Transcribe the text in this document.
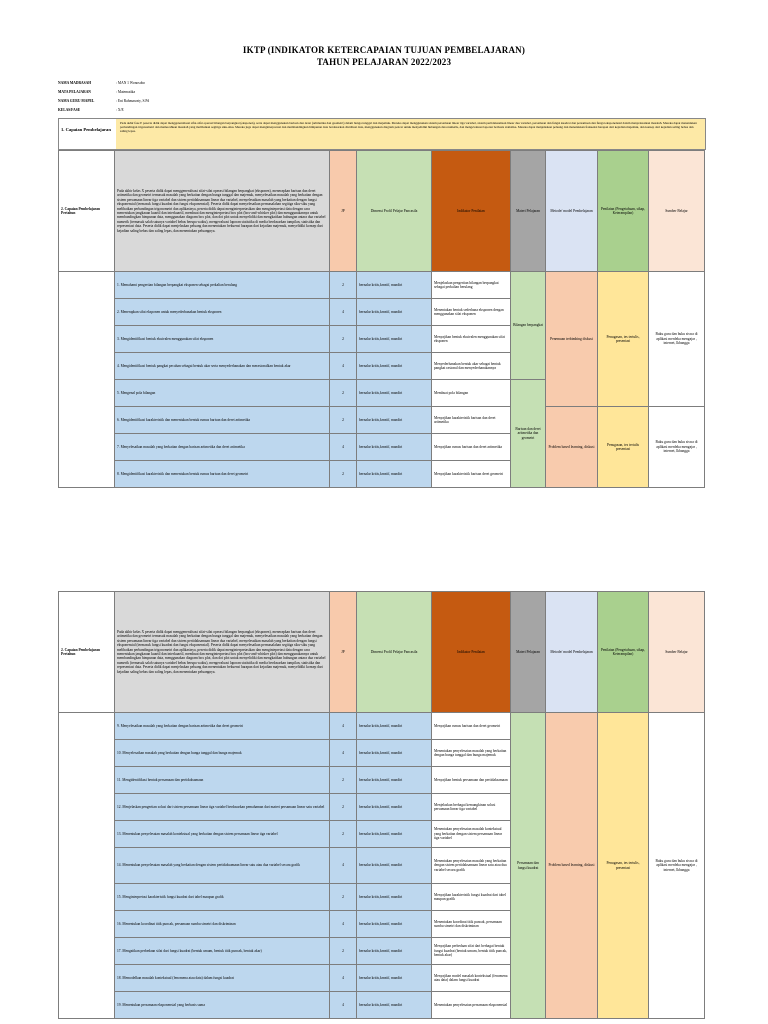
IKTP (INDIKATOR KETERCAPAIAN TUJUAN PEMBELAJARAN)
TAHUN PELAJARAN 2022/2023
NAMA MADRASAH	: MAN 1 Wonosobo
MATA PELAJARAN	: Matematika
NAMA GURU MAPEL	: Eni Rahmawaty, S.Pd
KELAS/FASE	: X/E
1. Capaian Pembelajaran
Pada akhir fase E peserta didik dapat menggeneralisasi sifat-sifat operasi bilangan berpangkat (eksponen), serta dapat menggunakan barisan dan deret (aritmetika dan geometri) dalam bunga tunggal dan majemuk. Mereka dapat menggunakan sistem persamaan linear tiga variabel, sistem pertidaksamaan linear dua variabel, persamaan dan fungsi kuadrat dan persamaan dan fungsi eksponensial dalam menyelesaikan masalah. Mereka dapat menentukan perbandingan trigonometri dan memecahkan masalah yang melibatkan segitiga siku-siku. Mereka juga dapat menginterpretasi dan membandingkan himpunan data berdasarkan distribusi data, menggunakan diagram pencar untuk menyelidiki hubungan data numerik, dan mengevaluasi laporan berbasis statistika. Mereka dapat menjelaskan peluang dan menentukan frekuensi harapan dari kejadian majemuk, dan konsep dari kejadian saling bebas dan saling lepas.
2. Capaian Pembelajaran Pertahun	Pada akhir kelas X peserta didik dapat menggeneralisasi sifat-sifat operasi bilangan berpangkat (eksponen), menerapkan barisan dan deret aritmetika dan geometri termasuk masalah yang berkaitan dengan bunga tunggal dan majemuk, menyelesaikan masalah yang berkaitan dengan sistem persamaan linear tiga variabel dan sistem pertidaksamaan linear dua variabel, menyelesaikan masalah yang berkaitan dengan fungsi eksponensial (termasuk fungsi kuadrat dan fungsi eksponensial). Peserta didik dapat menyelesaikan permasalahan segitiga siku-siku yang melibatkan perbandingan trigonometri dan aplikasinya, peserta didik dapat menginterpretasikan dan mengintepretasi data dengan cara menentukan jangkauan kuartil dan interkuartil, membuat dan menginterpretasi box plot (box-and-whisker plot) dan menggunakannya untuk membandingkan himpunan data, menggunakan diagram box plot, dan dot plot untuk menyelidiki dan mengkaitkan hubungan antara dua variabel numerik (termasuk salah satunya variabel bebas berupa waktu), mengevaluasi laporan statistika di media berdasarkan tampilan, statistika dan representasi data. Peserta didik dapat menjelaskan peluang dan menentukan frekuensi harapan dari kejadian majemuk, menyelidiki konsep dari kejadian saling bebas dan saling lepas, dan menentukan peluangnya.	JP	Dimensi Profil Pelajar Pancasila	Indikator Penilaian	Materi Pelajaran	Metode/ model Pembelajaran	Penilaian (Pengetahuan, sikap, Keterampilan)	Sumber Belajar
	1. Memahami pengertian bilangan berpangkat eksponen sebagai perkalian berulang	2	bernalar kritis,kreatif, mandiri	Menjelaskan pengertian bilangan berpangkat sebagai perkalian berulang	Bilangan berpangkat	Penemuan terbimbing diskusi	Penugasan, tes tertulis, presentasi	Buku guru dan buku siswa di aplikasi merdeka mengajar , internet, lkbangga
	2. Menerapkan sifat eksponen untuk menyederhanakan bentuk eksponen	4	bernalar kritis,kreatif, mandiri	Menentukan bentuk sederhana eksponen dengan menggunakan sifat eksponen				
	3. Mengidentifikasi bentuk ekuivalen menggunakan sifat eksponen	2	bernalar kritis,kreatif, mandiri	Menyajikan bentuk ekuivalen menggunakan sifat eksponen				
	4. Mengidentifikasi bentuk pangkat pecahan sebagai bentuk akar serta menyederhanakan dan merasionalkan bentuk akar	4	bernalar kritis,kreatif, mandiri	Menyederhanakan bentuk akar sebagai bentuk pangkat rasional dan menyederhanakannya				
	5. Mengenal pola bilangan	2	bernalar kritis,kreatif, mandiri	Membuat pola bilangan	Barisan dan deret aritmetika dan geometri			
	6. Mengidentifikasi karakteristik dan menentukan bentuk rumus barisan dan deret aritmetika	2	bernalar kritis,kreatif, mandiri	Menyajikan karakteristik barisan dan deret aritmetika		Problem based learning, diskusi	Penugasan, tes tertulis presentasi	Buku guru dan buku siswa di aplikasi merdeka mengajar , internet, lkbangga
	7. Menyelesaikan masalah yang berkaitan dengan barisan aritmetika dan deret aritmetika	4	bernalar kritis,kreatif, mandiri	Menyajikan rumus barisan dan deret aritmetika				
	8. Mengidentifikasi karakteristik dan menentukan bentuk rumus barisan dan deret geometri	2	bernalar kritis,kreatif, mandiri	Menyajikan karakteristik barisan deret geometri				
2. Capaian Pembelajaran Pertahun	Pada akhir kelas X peserta didik dapat menggeneralisasi sifat-sifat operasi bilangan berpangkat (eksponen), menerapkan barisan dan deret aritmetika dan geometri termasuk masalah yang berkaitan dengan bunga tunggal dan majemuk, menyelesaikan masalah yang berkaitan dengan sistem persamaan linear tiga variabel dan sistem pertidaksamaan linear dua variabel, menyelesaikan masalah yang berkaitan dengan fungsi eksponensial (termasuk fungsi kuadrat dan fungsi eksponensial). Peserta didik dapat menyelesaikan permasalahan segitiga siku-siku yang melibatkan perbandingan trigonometri dan aplikasinya, peserta didik dapat menginterpretasikan dan mengintepretasi data dengan cara menentukan jangkauan kuartil dan interkuartil, membuat dan menginterpretasi box plot (box-and-whisker plot) dan menggunakannya untuk membandingkan himpunan data, menggunakan diagram box plot, dan dot plot untuk menyelidiki dan mengkaitkan hubungan antara dua variabel numerik (termasuk salah satunya variabel bebas berupa waktu), mengevaluasi laporan statistika di media berdasarkan tampilan, statistika dan representasi data. Peserta didik dapat menjelaskan peluang dan menentukan frekuensi harapan dari kejadian majemuk, menyelidiki konsep dari kejadian saling bebas dan saling lepas, dan menentukan peluangnya.	JP	Dimensi Profil Pelajar Pancasila	Indikator Penilaian	Materi Pelajaran	Metode/ model Pembelajaran	Penilaian (Pengetahuan, sikap, Keterampilan)	Sumber Belajar
	9. Menyelesaikan masalah yang berkaitan dengan barisan aritmetika dan deret geometri	4	bernalar kritis,kreatif, mandiri	Menyajikan rumus barisan dan deret geometri	Persamaan dan fungsi kuadrat	Problem based learning, diskusi	Penugasan, tes tertulis, presentasi	Buku guru dan buku siswa di aplikasi merdeka mengajar , internet, lkbangga
	10. Menyelesaikan masalah yang berkaitan dengan bunga tunggal dan bunga majemuk	4	bernalar kritis,kreatif, mandiri	Menentukan penyelesaian masalah yang berkaitan dengan bunga tunggal dan bunga majemuk				
	11. Mengidentifikasi bentuk persamaan dan pertidaksamaan	2	bernalar kritis,kreatif, mandiri	Menyajikan bentuk persamaan dan pertidaksamaan				
	12. Menjelaskan pengertian solusi dari sistem persamaan linear tiga variabel berdasarkan pemahaman dari materi persamaan linear satu variabel	2	bernalar kritis,kreatif, mandiri	Menjelaskan berbagai kemungkinan solusi persamaan linear tiga variabel				
	13. Menentukan penyelesaian masalah kontekstual yang berkaitan dengan sistem persamaan linear tiga variabel	2	bernalar kritis,kreatif, mandiri	Menentukan penyelesaian masalah kontekstual yang berkaitan dengan sistem persamaan linear tiga variabel				
	14. Menentukan penyelesaian masalah yang berkaitan dengan sistem pertidaksamaan linear satu atau dua variabel secara grafik	4	bernalar kritis,kreatif, mandiri	Menentukan penyelesaian masalah yang berkaitan dengan sistem pertidaksamaan linear satu atau dua variabel secara grafik				
	15. Menginterpretasi karakteristik fungsi kuadrat dari tabel maupun grafik	2	bernalar kritis,kreatif, mandiri	Menyajikan karakteristik fungsi kuadrat dari tabel maupun grafik				
	16. Menentukan koordinat titik puncak, persamaan sumbu simetri dan diskriminan	4	bernalar kritis,kreatif, mandiri	Menentukan koordinat titik puncak, persamaan sumbu simetri dan diskriminan				
	17. Mengaitkan perbedaan sifat dari fungsi kuadrat (bentuk umum, bentuk titik puncak, bentuk akar)	2	bernalar kritis,kreatif, mandiri	Menyajikan perbedaan sifat dari berbagai bentuk fungsi kuadrat (bentuk umum, bentuk titik puncak, bentuk akar)				
	18. Memodelkan masalah kontekstual (fenomena atau data) dalam fungsi kuadrat	4	bernalar kritis,kreatif, mandiri	Menyajikan model masalah kontekstual (fenomena atau data) dalam fungsi kuadrat				
	19. Menentukan persamaan eksponensial yang berbasis sama	4	bernalar kritis,kreatif, mandiri	Menentukan penyelesaian persamaan eksponensial				
